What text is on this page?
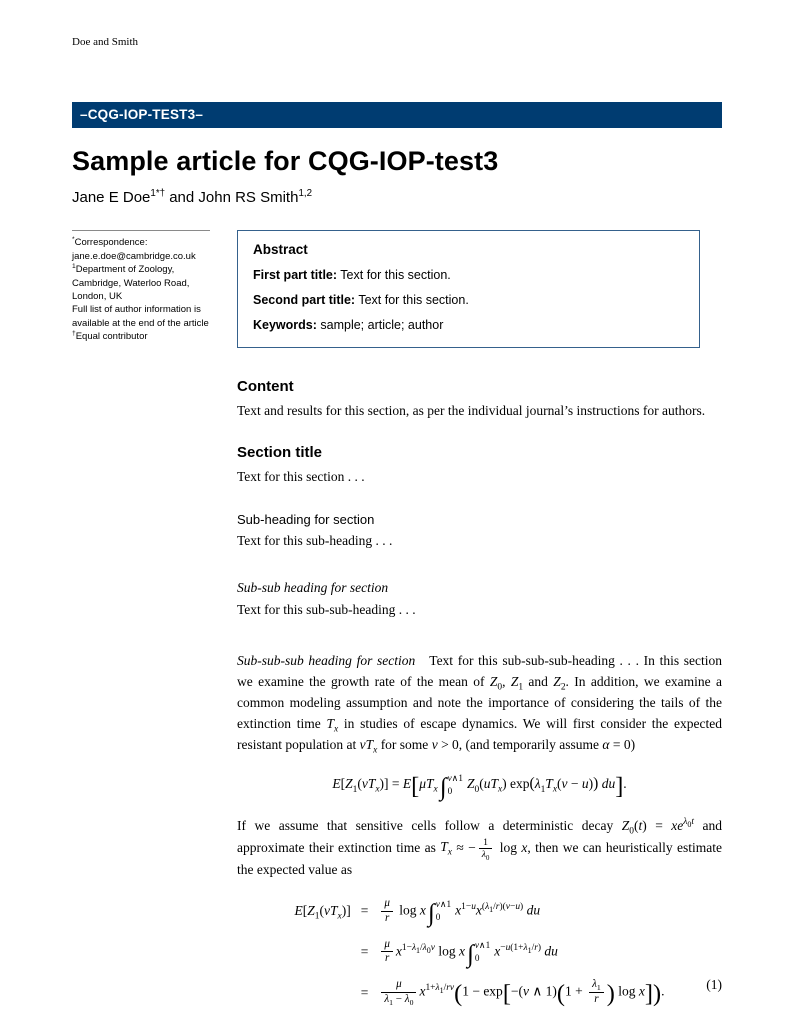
Doe and Smith
–CQG-IOP-TEST3–
Sample article for CQG-IOP-test3
Jane E Doe$^{1*\dagger}$ and John RS Smith$^{1,2}$
*Correspondence:
jane.e.doe@cambridge.co.uk
$^1$Department of Zoology,
Cambridge, Waterloo Road,
London, UK
Full list of author information is
available at the end of the article
†Equal contributor
Abstract
First part title: Text for this section.
Second part title: Text for this section.
Keywords: sample; article; author
Content

Text and results for this section, as per the individual journal’s instructions for authors.

Section title

Text for this section . . .

Sub-heading for section

Text for this sub-heading . . .

Sub-sub heading for section

Text for this sub-sub-heading . . .

Sub-sub-sub heading for section Text for this sub-sub-sub-heading . . . In this section we examine the growth rate of the mean of $Z_0$, $Z_1$ and $Z_2$. In addition, we examine a common modeling assumption and note the importance of considering the tails of the extinction time $T_x$ in studies of escape dynamics. We will first consider the expected resistant population at $vT_x$ for some v > 0, (and temporarily assume α = 0)

$E[Z_1(vT_x)] = E[\mu T_x\int$ v∧1
0 $Z_0(uT_x) \exp(\lambda_1T_x(v - u))$ du].

If we assume that sensitive cells follow a deterministic decay $Z_0(t) = xe^{\lambda_0t}$ and approximate their extinction time as $T_x$ ≈ − $\frac{1}{\lambda_0}$ log x, then we can heuristically estimate the expected value as

$E[Z_1(vT_x)]$ =	$\frac{\mu}{r}$ log x∫ v∧1
0 $x^{1-u}x^{(\lambda_1/r)(v-u)}$ du
=	$\frac{\mu}{r} x^{1-\lambda_1/\lambda_0v}$ log x∫ v∧1
0 $x^{-u(1+\lambda_1/r)}$ du
=	$\frac{\mu}{\lambda_1 - \lambda_0} x^{1+\lambda_1/rv}(1 - \exp[-(v$ ∧ $1)(1 + \frac{\lambda_1}{r}$ ) log x]).	(1)
